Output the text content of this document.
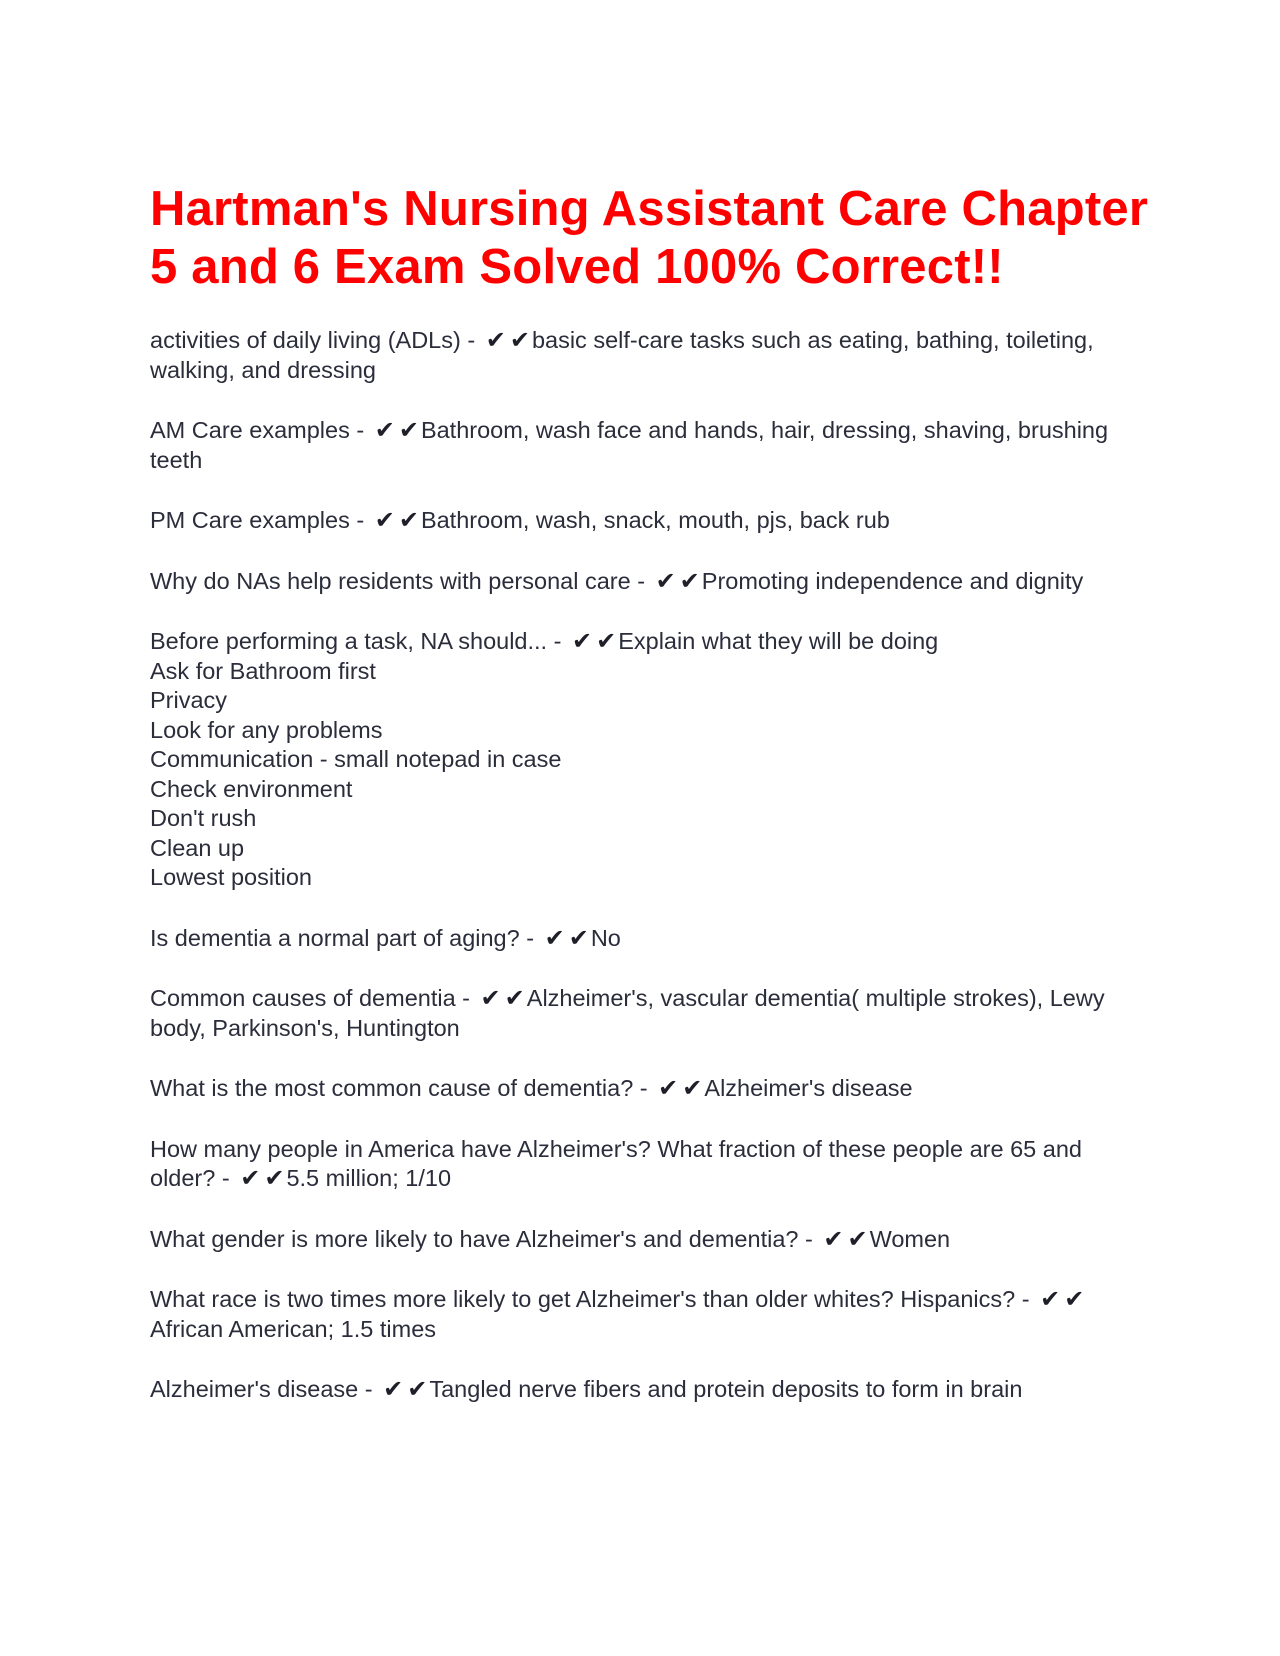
Hartman's Nursing Assistant Care Chapter 5 and 6 Exam Solved 100% Correct!!
activities of daily living (ADLs) - ✔✔basic self-care tasks such as eating, bathing, toileting, walking, and dressing
AM Care examples - ✔✔Bathroom, wash face and hands, hair, dressing, shaving, brushing teeth
PM Care examples - ✔✔Bathroom, wash, snack, mouth, pjs, back rub
Why do NAs help residents with personal care - ✔✔Promoting independence and dignity
Before performing a task, NA should... - ✔✔Explain what they will be doing
Ask for Bathroom first
Privacy
Look for any problems
Communication - small notepad in case
Check environment
Don't rush
Clean up
Lowest position
Is dementia a normal part of aging? - ✔✔No
Common causes of dementia - ✔✔Alzheimer's, vascular dementia( multiple strokes), Lewy body, Parkinson's, Huntington
What is the most common cause of dementia? - ✔✔Alzheimer's disease
How many people in America have Alzheimer's? What fraction of these people are 65 and older? - ✔✔5.5 million; 1/10
What gender is more likely to have Alzheimer's and dementia? - ✔✔Women
What race is two times more likely to get Alzheimer's than older whites? Hispanics? - ✔✔African American; 1.5 times
Alzheimer's disease - ✔✔Tangled nerve fibers and protein deposits to form in brain
